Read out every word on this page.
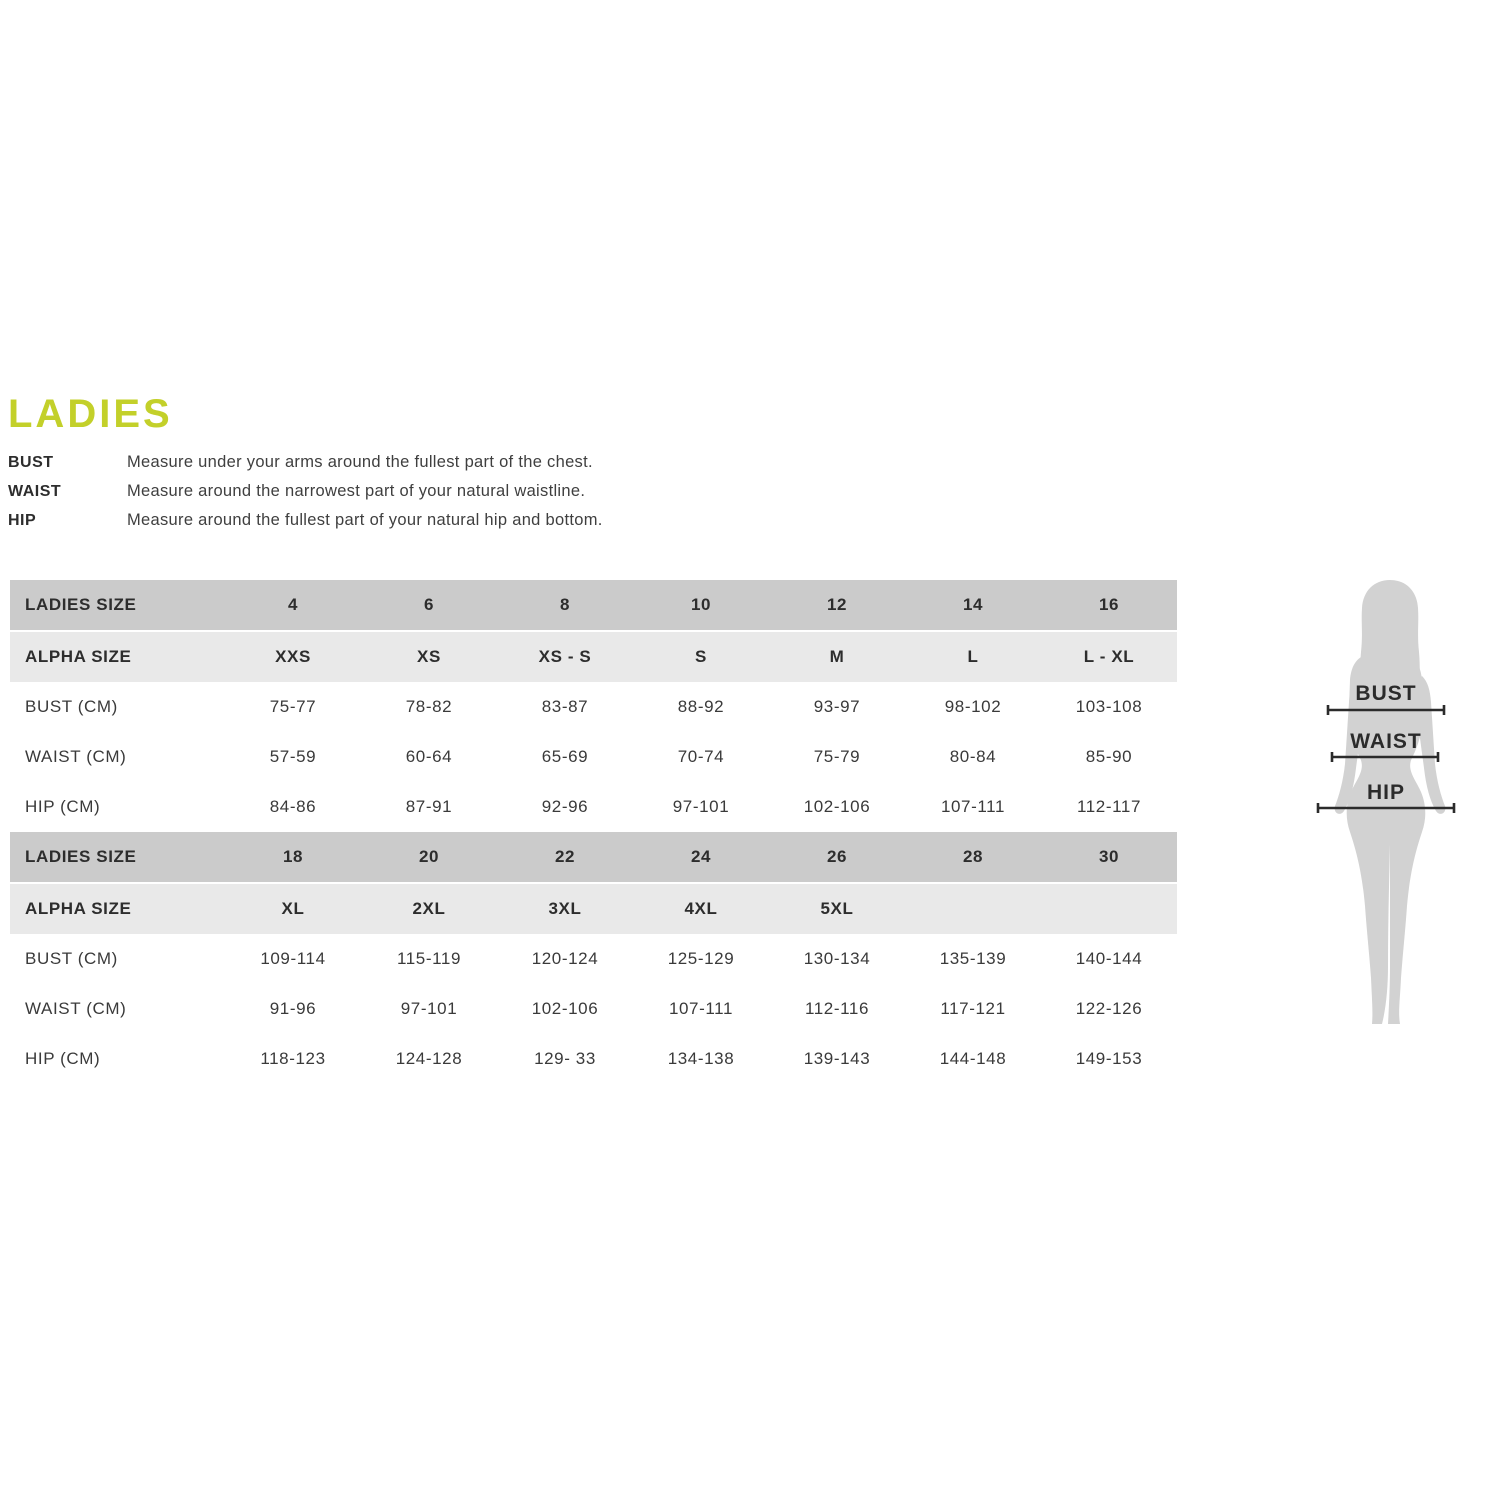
LADIES
BUST	Measure under your arms around the fullest part of the chest.
WAIST	Measure around the narrowest part of your natural waistline.
HIP	Measure around the fullest part of your natural hip and bottom.
LADIES SIZE	4	6	8	10	12	14	16
ALPHA SIZE	XXS	XS	XS - S	S	M	L	L - XL
BUST (CM)	75-77	78-82	83-87	88-92	93-97	98-102	103-108
WAIST (CM)	57-59	60-64	65-69	70-74	75-79	80-84	85-90
HIP (CM)	84-86	87-91	92-96	97-101	102-106	107-111	112-117
LADIES SIZE	18	20	22	24	26	28	30
ALPHA SIZE	XL	2XL	3XL	4XL	5XL
BUST (CM)	109-114	115-119	120-124	125-129	130-134	135-139	140-144
WAIST (CM)	91-96	97-101	102-106	107-111	112-116	117-121	122-126
HIP (CM)	118-123	124-128	129- 33	134-138	139-143	144-148	149-153
BUST
WAIST
HIP
